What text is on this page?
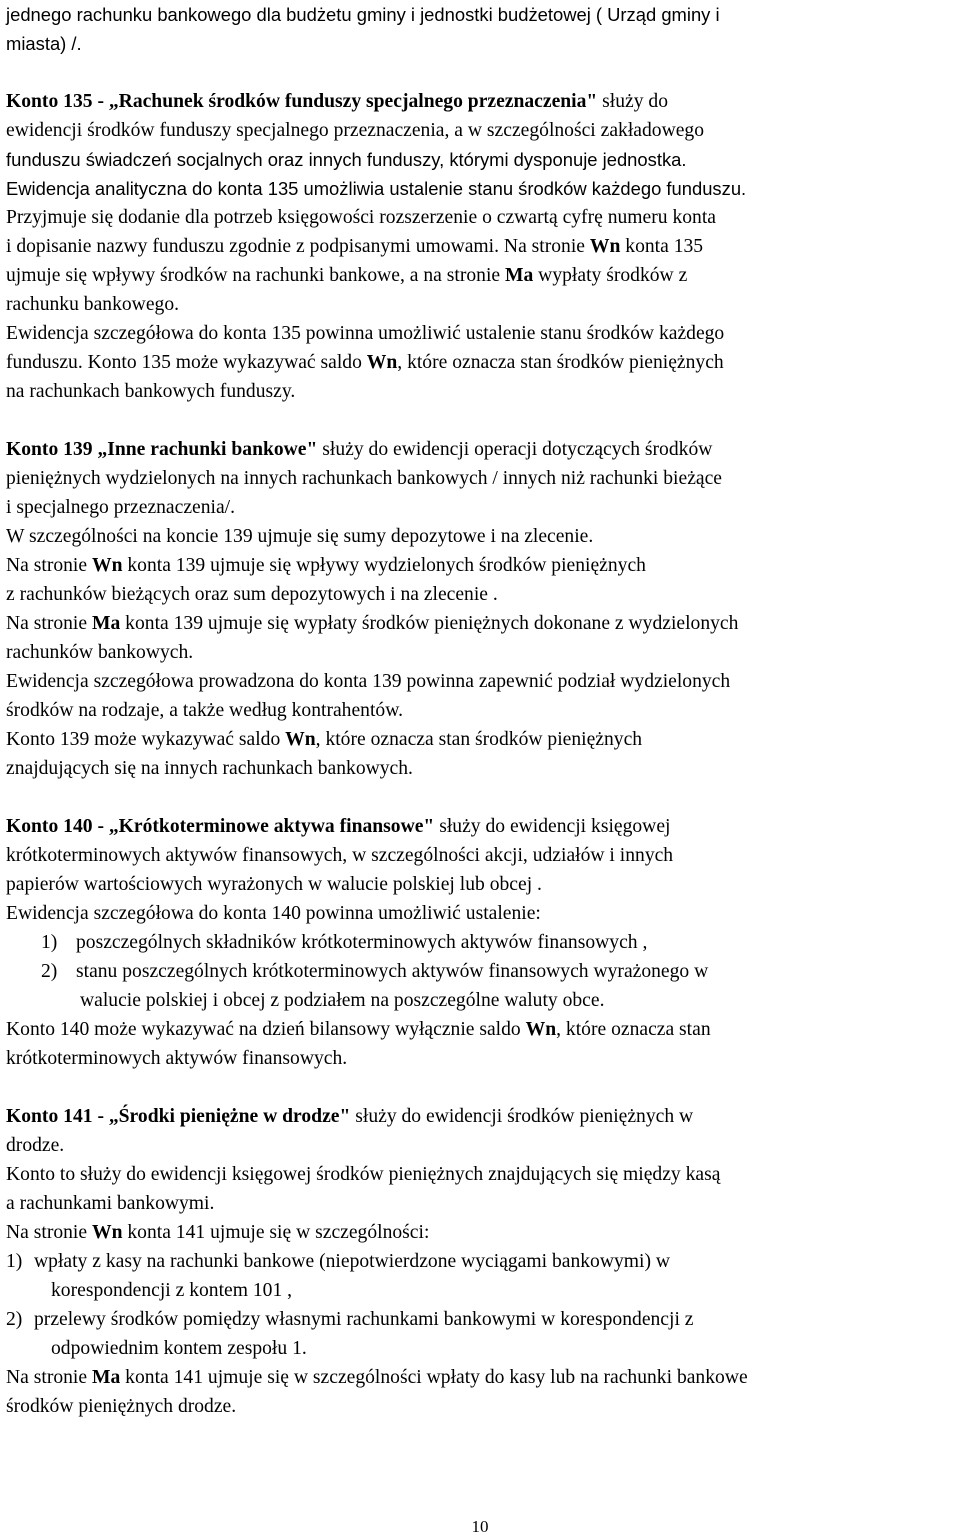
jednego rachunku bankowego dla budżetu gminy i jednostki budżetowej ( Urząd gminy i
miasta) /.
Konto 135 - „Rachunek środków funduszy specjalnego przeznaczenia" służy do
ewidencji środków funduszy specjalnego przeznaczenia, a w szczególności zakładowego
funduszu świadczeń socjalnych oraz innych funduszy, którymi dysponuje jednostka.
Ewidencja analityczna do konta 135 umożliwia ustalenie stanu środków każdego funduszu.
Przyjmuje się dodanie dla potrzeb księgowości rozszerzenie o czwartą cyfrę numeru konta
i dopisanie nazwy funduszu zgodnie z podpisanymi umowami. Na stronie Wn konta 135
ujmuje się wpływy środków na rachunki bankowe, a na stronie Ma wypłaty środków z
rachunku bankowego.
Ewidencja szczegółowa do konta 135 powinna umożliwić ustalenie stanu środków każdego
funduszu. Konto 135 może wykazywać saldo Wn, które oznacza stan środków pieniężnych
na rachunkach bankowych funduszy.
Konto 139 „Inne rachunki bankowe" służy do ewidencji operacji dotyczących środków
pieniężnych wydzielonych na innych rachunkach bankowych / innych niż rachunki bieżące
i specjalnego przeznaczenia/.
W szczególności na koncie 139 ujmuje się sumy depozytowe i na zlecenie.
Na stronie Wn konta 139 ujmuje się wpływy wydzielonych środków pieniężnych
z rachunków bieżących oraz sum depozytowych i na zlecenie .
Na stronie Ma konta 139 ujmuje się wypłaty środków pieniężnych dokonane z wydzielonych
rachunków bankowych.
Ewidencja szczegółowa prowadzona do konta 139 powinna zapewnić podział wydzielonych
środków na rodzaje, a także według kontrahentów.
Konto 139 może wykazywać saldo Wn, które oznacza stan środków pieniężnych
znajdujących się na innych rachunkach bankowych.
Konto 140 - „Krótkoterminowe aktywa finansowe" służy do ewidencji księgowej
krótkoterminowych aktywów finansowych, w szczególności akcji, udziałów i innych
papierów wartościowych wyrażonych w walucie polskiej lub obcej .
Ewidencja szczegółowa do konta 140 powinna umożliwić ustalenie:
1) poszczególnych składników krótkoterminowych aktywów finansowych ,
2) stanu poszczególnych krótkoterminowych aktywów finansowych wyrażonego w
walucie polskiej i obcej z podziałem na poszczególne waluty obce.
Konto 140 może wykazywać na dzień bilansowy wyłącznie saldo Wn, które oznacza stan
krótkoterminowych aktywów finansowych.
Konto 141 - „Środki pieniężne w drodze" służy do ewidencji środków pieniężnych w
drodze.
Konto to służy do ewidencji księgowej środków pieniężnych znajdujących się między kasą
a rachunkami bankowymi.
Na stronie Wn konta 141 ujmuje się w szczególności:
1) wpłaty z kasy na rachunki bankowe (niepotwierdzone wyciągami bankowymi) w
korespondencji z kontem 101 ,
2) przelewy środków pomiędzy własnymi rachunkami bankowymi w korespondencji z
odpowiednim kontem zespołu 1.
Na stronie Ma konta 141 ujmuje się w szczególności wpłaty do kasy lub na rachunki bankowe
środków pieniężnych drodze.
10
